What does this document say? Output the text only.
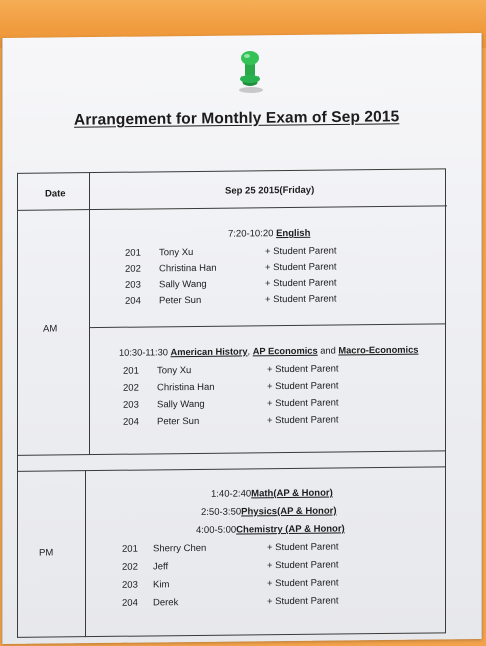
Date	Sep 25 2015(Friday)
AM
7:20-10:20 English
201 Tony Xu	+ Student Parent
202 Christina Han	+ Student Parent
203 Sally Wang	+ Student Parent
204 Peter Sun	+ Student Parent
10:30-11:30 American History, AP Economics and Macro-Economics
201 Tony Xu	+ Student Parent
202 Christina Han	+ Student Parent
203 Sally Wang	+ Student Parent
204 Peter Sun	+ Student Parent
PM
1:40-2:40Math(AP & Honor)
2:50-3:50Physics(AP & Honor)
4:00-5:00Chemistry (AP & Honor)
201 Sherry Chen	+ Student Parent
202 Jeff	+ Student Parent
203 Kim	+ Student Parent
204 Derek	+ Student Parent
Arrangement for Monthly Exam of Sep 2015
